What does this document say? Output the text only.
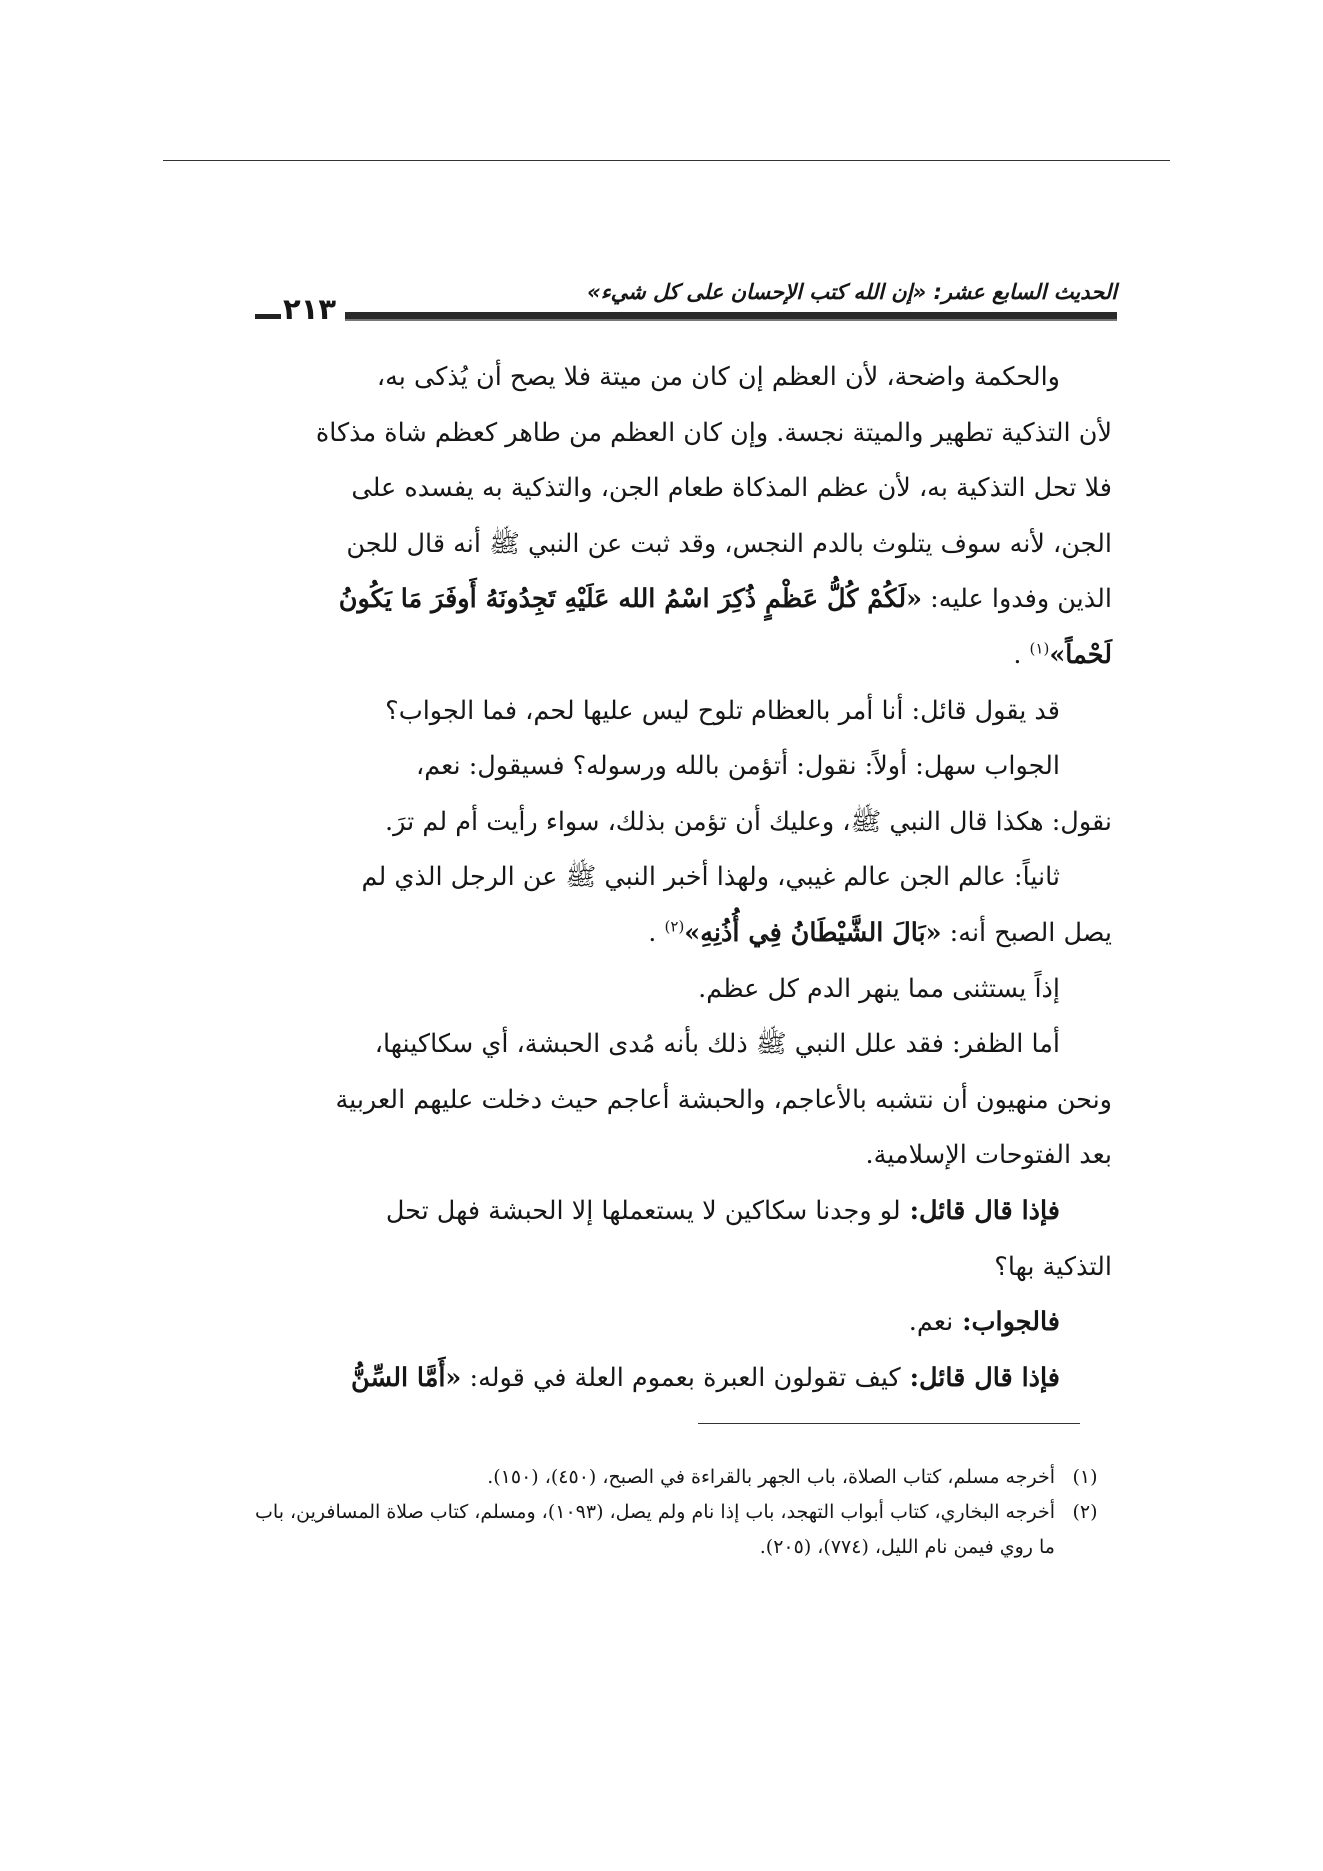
الحديث السابع عشر: «إن الله كتب الإحسان على كل شيء»
٢١٣
والحكمة واضحة، لأن العظم إن كان من ميتة فلا يصح أن يُذكى به،
لأن التذكية تطهير والميتة نجسة. وإن كان العظم من طاهر كعظم شاة مذكاة
فلا تحل التذكية به، لأن عظم المذكاة طعام الجن، والتذكية به يفسده على
الجن، لأنه سوف يتلوث بالدم النجس، وقد ثبت عن النبي ﷺ أنه قال للجن
الذين وفدوا عليه: «لَكُمْ كُلُّ عَظْمٍ ذُكِرَ اسْمُ الله عَلَيْهِ تَجِدُونَهُ أَوفَرَ مَا يَكُونُ
لَحْماً»$^{(١)}$ .
قد يقول قائل: أنا أمر بالعظام تلوح ليس عليها لحم، فما الجواب؟
الجواب سهل: أولاً: نقول: أتؤمن بالله ورسوله؟ فسيقول: نعم،
نقول: هكذا قال النبي ﷺ، وعليك أن تؤمن بذلك، سواء رأيت أم لم ترَ.
ثانياً: عالم الجن عالم غيبي، ولهذا أخبر النبي ﷺ عن الرجل الذي لم
يصل الصبح أنه: «بَالَ الشَّيْطَانُ فِي أُذُنِهِ»$^{(٢)}$ .
إذاً يستثنى مما ينهر الدم كل عظم.
أما الظفر: فقد علل النبي ﷺ ذلك بأنه مُدى الحبشة، أي سكاكينها،
ونحن منهيون أن نتشبه بالأعاجم، والحبشة أعاجم حيث دخلت عليهم العربية
بعد الفتوحات الإسلامية.
فإذا قال قائل: لو وجدنا سكاكين لا يستعملها إلا الحبشة فهل تحل
التذكية بها؟
فالجواب: نعم.
فإذا قال قائل: كيف تقولون العبرة بعموم العلة في قوله: «أَمَّا السِّنُّ
(١)
أخرجه مسلم، كتاب الصلاة، باب الجهر بالقراءة في الصبح، (٤٥٠)، (١٥٠).
(٢)
أخرجه البخاري، كتاب أبواب التهجد، باب إذا نام ولم يصل، (١٠٩٣)، ومسلم، كتاب صلاة المسافرين، باب ما روي فيمن نام الليل، (٧٧٤)، (٢٠٥).
